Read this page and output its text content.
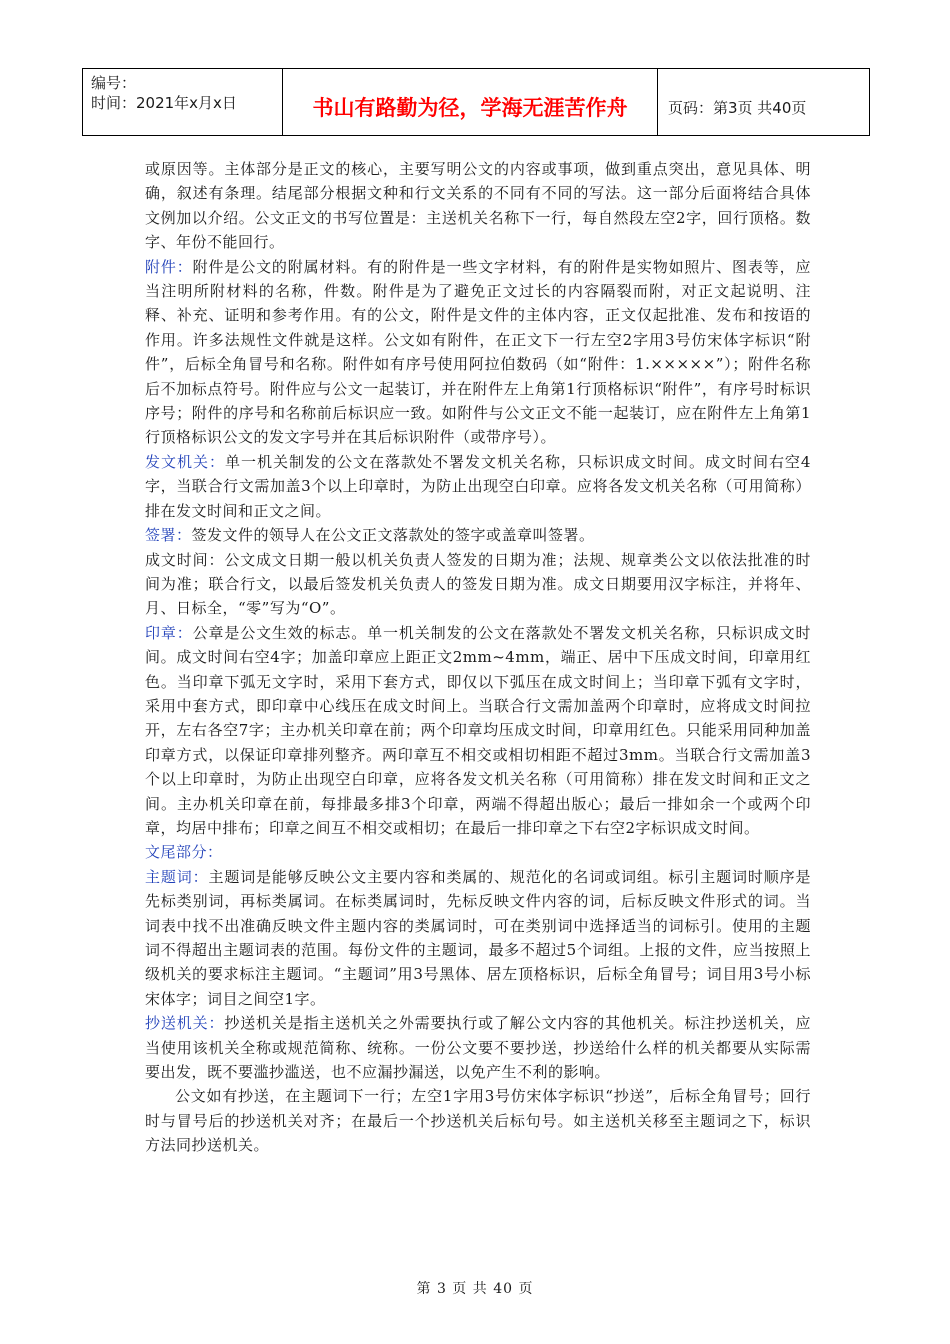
编号：
时间：2021年x月x日	书山有路勤为径，学海无涯苦作舟	页码：第3页 共40页

或原因等。主体部分是正文的核心，主要写明公文的内容或事项，做到重点突出，意见具体、明确，叙述有条理。结尾部分根据文种和行文关系的不同有不同的写法。这一部分后面将结合具体文例加以介绍。公文正文的书写位置是：主送机关名称下一行，每自然段左空2字，回行顶格。数字、年份不能回行。

附件：附件是公文的附属材料。有的附件是一些文字材料，有的附件是实物如照片、图表等，应当注明所附材料的名称，件数。附件是为了避免正文过长的内容隔裂而附，对正文起说明、注释、补充、证明和参考作用。有的公文，附件是文件的主体内容，正文仅起批准、发布和按语的作用。许多法规性文件就是这样。公文如有附件，在正文下一行左空2字用3号仿宋体字标识“附件”，后标全角冒号和名称。附件如有序号使用阿拉伯数码（如“附件：1.×××××”）；附件名称后不加标点符号。附件应与公文一起装订，并在附件左上角第1行顶格标识“附件”，有序号时标识序号；附件的序号和名称前后标识应一致。如附件与公文正文不能一起装订，应在附件左上角第1行顶格标识公文的发文字号并在其后标识附件（或带序号）。

发文机关：单一机关制发的公文在落款处不署发文机关名称，只标识成文时间。成文时间右空4字，当联合行文需加盖3个以上印章时，为防止出现空白印章。应将各发文机关名称（可用简称）排在发文时间和正文之间。

签署：签发文件的领导人在公文正文落款处的签字或盖章叫签署。

成文时间：公文成文日期一般以机关负责人签发的日期为准；法规、规章类公文以依法批准的时间为准；联合行文，以最后签发机关负责人的签发日期为准。成文日期要用汉字标注，并将年、月、日标全，“零”写为“O”。

印章：公章是公文生效的标志。单一机关制发的公文在落款处不署发文机关名称，只标识成文时间。成文时间右空4字；加盖印章应上距正文2mm~4mm，端正、居中下压成文时间，印章用红色。当印章下弧无文字时，采用下套方式，即仅以下弧压在成文时间上；当印章下弧有文字时，采用中套方式，即印章中心线压在成文时间上。当联合行文需加盖两个印章时，应将成文时间拉开，左右各空7字；主办机关印章在前；两个印章均压成文时间，印章用红色。只能采用同种加盖印章方式，以保证印章排列整齐。两印章互不相交或相切相距不超过3mm。当联合行文需加盖3个以上印章时，为防止出现空白印章，应将各发文机关名称（可用简称）排在发文时间和正文之间。主办机关印章在前，每排最多排3个印章，两端不得超出版心；最后一排如余一个或两个印章，均居中排布；印章之间互不相交或相切；在最后一排印章之下右空2字标识成文时间。

文尾部分：

主题词：主题词是能够反映公文主要内容和类属的、规范化的名词或词组。标引主题词时顺序是先标类别词，再标类属词。在标类属词时，先标反映文件内容的词，后标反映文件形式的词。当词表中找不出准确反映文件主题内容的类属词时，可在类别词中选择适当的词标引。使用的主题词不得超出主题词表的范围。每份文件的主题词，最多不超过5个词组。上报的文件，应当按照上级机关的要求标注主题词。“主题词”用3号黑体、居左顶格标识，后标全角冒号；词目用3号小标宋体字；词目之间空1字。

抄送机关：抄送机关是指主送机关之外需要执行或了解公文内容的其他机关。标注抄送机关，应当使用该机关全称或规范简称、统称。一份公文要不要抄送，抄送给什么样的机关都要从实际需要出发，既不要滥抄滥送，也不应漏抄漏送，以免产生不利的影响。

公文如有抄送，在主题词下一行；左空1字用3号仿宋体字标识“抄送”，后标全角冒号；回行时与冒号后的抄送机关对齐；在最后一个抄送机关后标句号。如主送机关移至主题词之下，标识方法同抄送机关。

第 3 页 共 40 页
